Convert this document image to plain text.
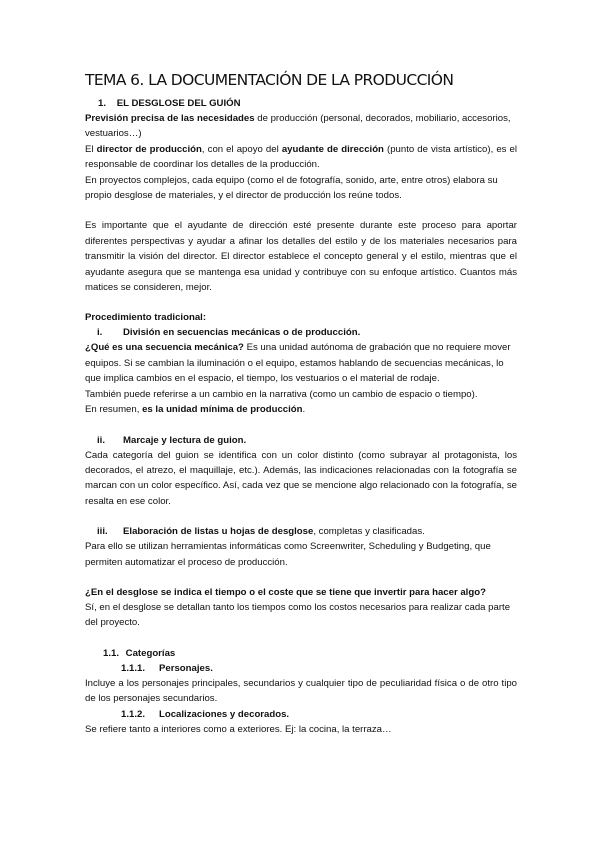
TEMA 6. LA DOCUMENTACIÓN DE LA PRODUCCIÓN
1. EL DESGLOSE DEL GUIÓN

Previsión precisa de las necesidades de producción (personal, decorados, mobiliario, accesorios, vestuarios…)

El director de producción, con el apoyo del ayudante de dirección (punto de vista artístico), es el responsable de coordinar los detalles de la producción.

En proyectos complejos, cada equipo (como el de fotografía, sonido, arte, entre otros) elabora su propio desglose de materiales, y el director de producción los reúne todos.

Es importante que el ayudante de dirección esté presente durante este proceso para aportar diferentes perspectivas y ayudar a afinar los detalles del estilo y de los materiales necesarios para transmitir la visión del director. El director establece el concepto general y el estilo, mientras que el ayudante asegura que se mantenga esa unidad y contribuye con su enfoque artístico. Cuantos más matices se consideren, mejor.

Procedimiento tradicional:

i.	División en secuencias mecánicas o de producción.

¿Qué es una secuencia mecánica? Es una unidad autónoma de grabación que no requiere mover equipos. Si se cambian la iluminación o el equipo, estamos hablando de secuencias mecánicas, lo que implica cambios en el espacio, el tiempo, los vestuarios o el material de rodaje.

También puede referirse a un cambio en la narrativa (como un cambio de espacio o tiempo).

En resumen, es la unidad mínima de producción.

ii.	Marcaje y lectura de guion.

Cada categoría del guion se identifica con un color distinto (como subrayar al protagonista, los decorados, el atrezo, el maquillaje, etc.). Además, las indicaciones relacionadas con la fotografía se marcan con un color específico. Así, cada vez que se mencione algo relacionado con la fotografía, se resalta en ese color.

iii.	Elaboración de listas u hojas de desglose, completas y clasificadas.

Para ello se utilizan herramientas informáticas como Screenwriter, Scheduling y Budgeting, que permiten automatizar el proceso de producción.

¿En el desglose se indica el tiempo o el coste que se tiene que invertir para hacer algo?

Sí, en el desglose se detallan tanto los tiempos como los costos necesarios para realizar cada parte del proyecto.

1.1. Categorías
1.1.1.	Personajes.

Incluye a los personajes principales, secundarios y cualquier tipo de peculiaridad física o de otro tipo de los personajes secundarios.

1.1.2.	Localizaciones y decorados.

Se refiere tanto a interiores como a exteriores. Ej: la cocina, la terraza…
